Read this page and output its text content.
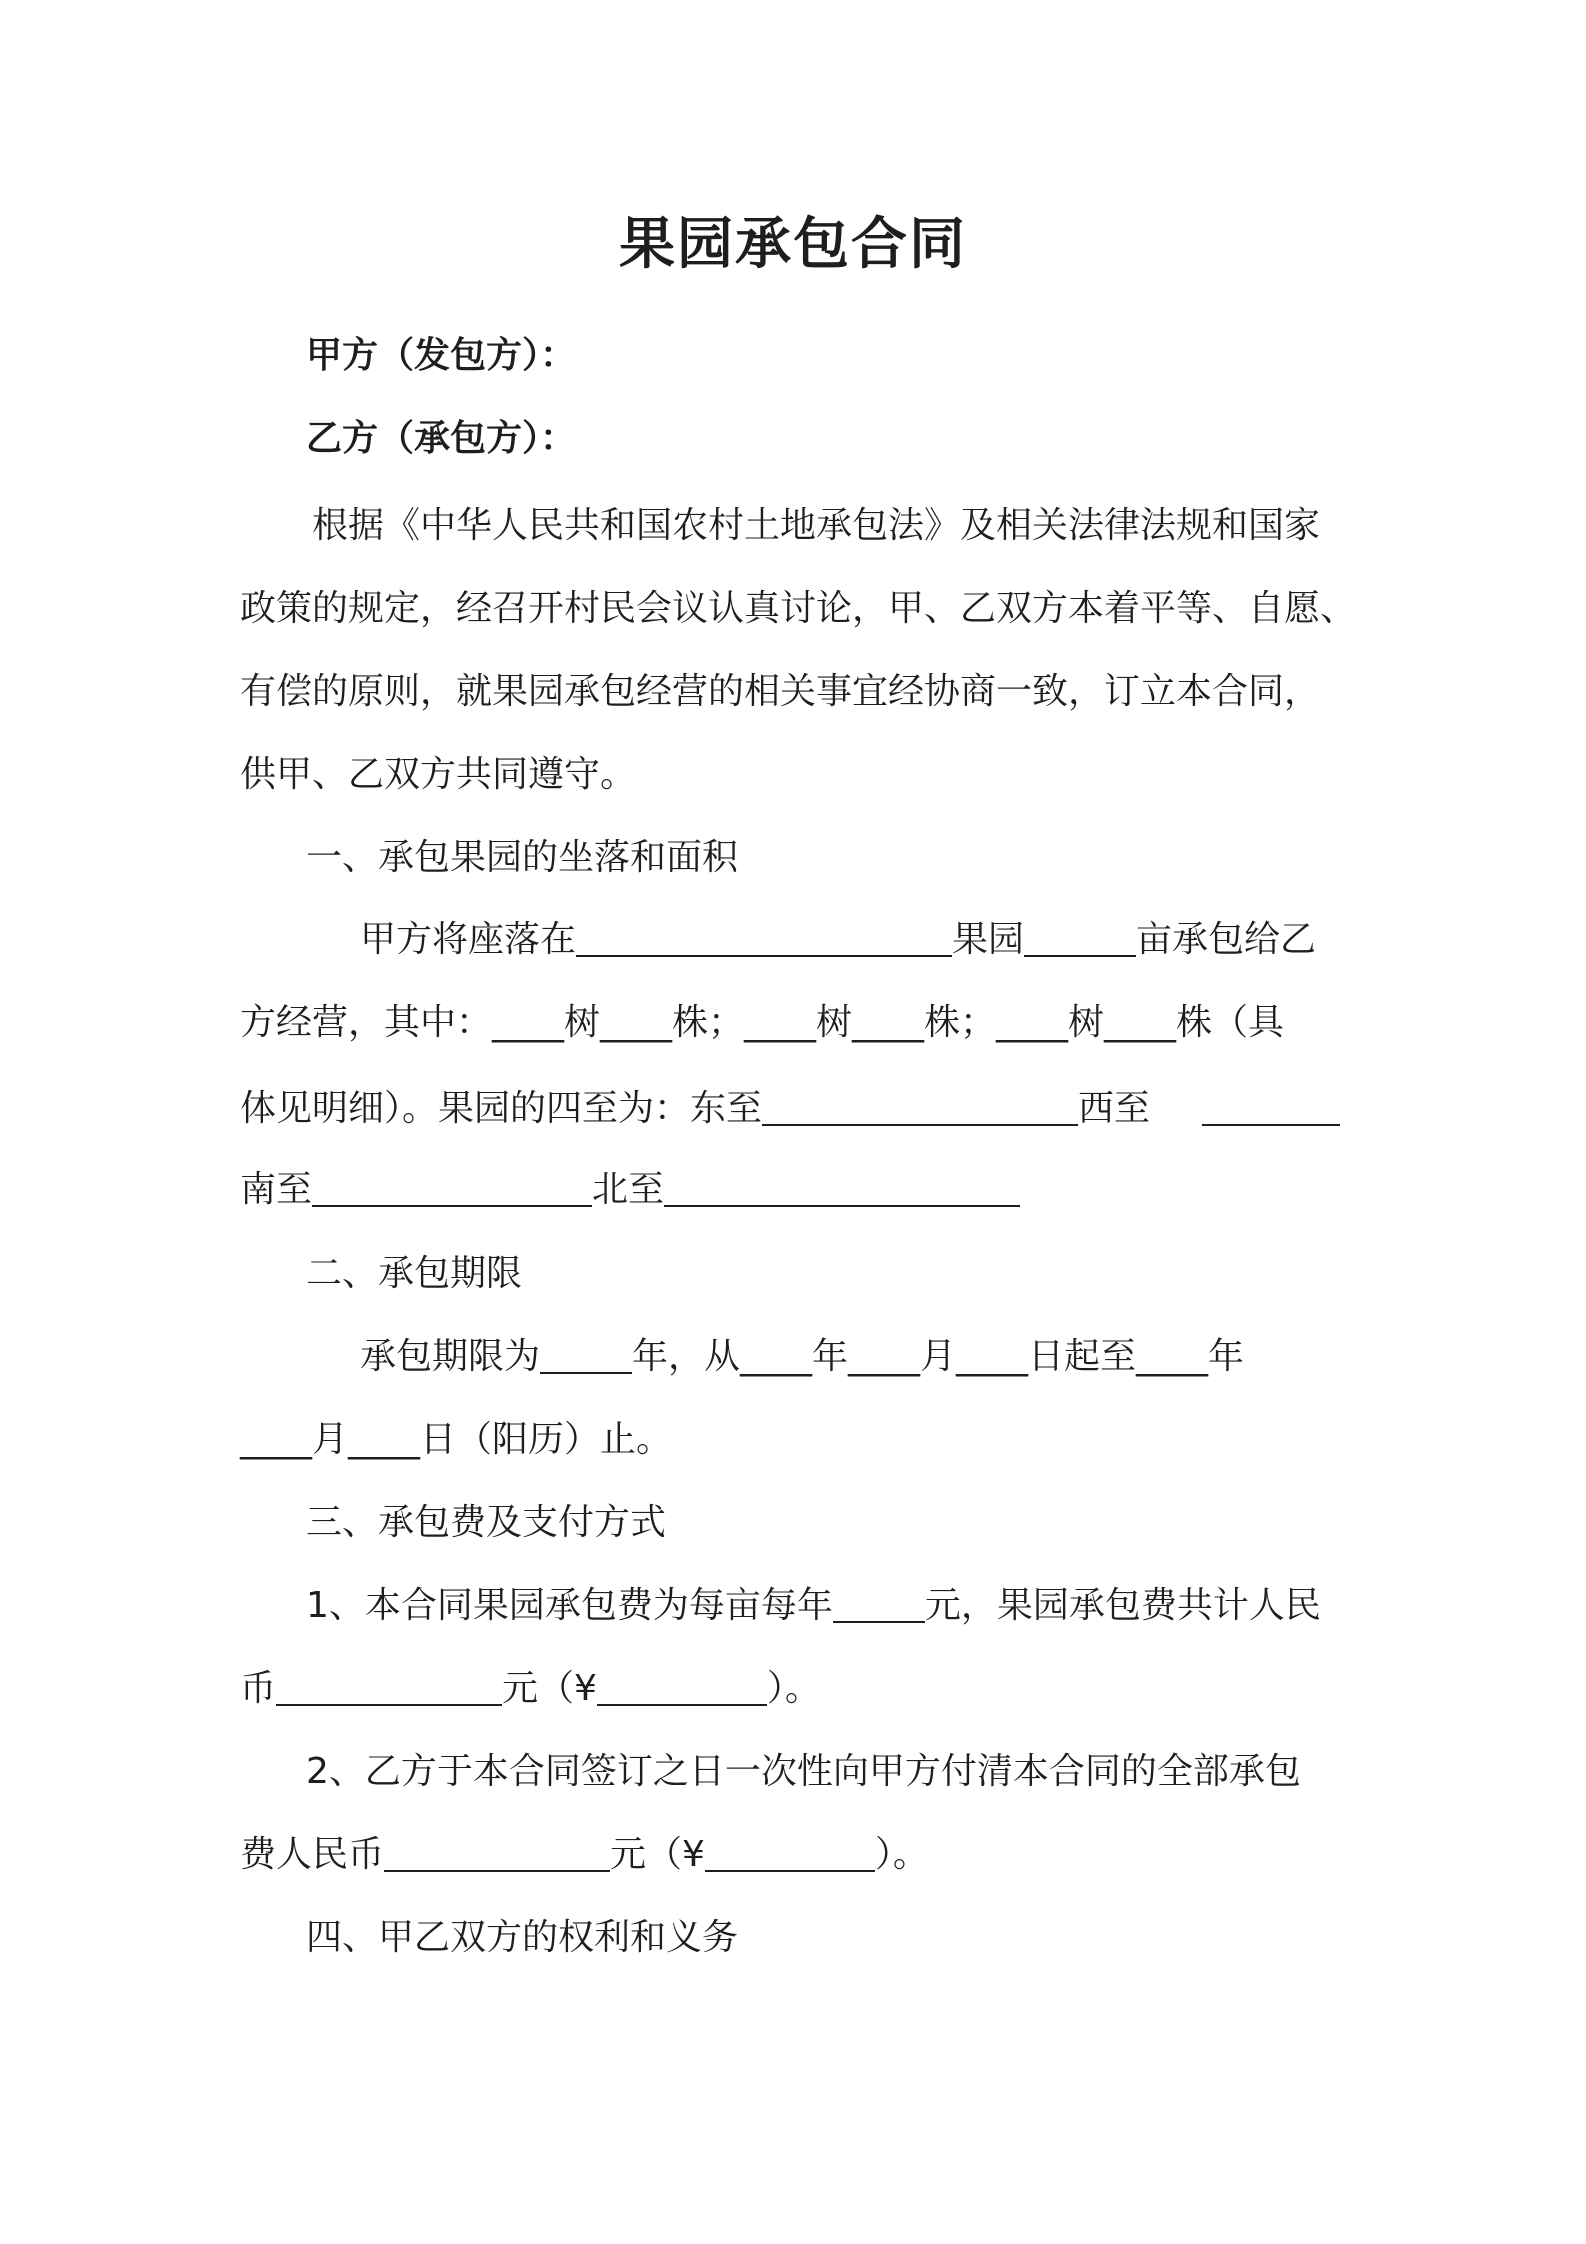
果园承包合同
甲方（发包方）：
乙方（承包方）：
根据《中华人民共和国农村土地承包法》及相关法律法规和国家
政策的规定，经召开村民会议认真讨论，甲、乙双方本着平等、自愿、
有偿的原则，就果园承包经营的相关事宜经协商一致，订立本合同，
供甲、乙双方共同遵守。
一、承包果园的坐落和面积
甲方将座落在	果园	亩承包给乙
方经营，其中：____树____株；____树____株；____树____株（具
体见明细）。果园的四至为：东至	西至
南至	北至
二、承包期限
承包期限为	年，从____年____月____日起至____年
____月____日（阳历）止。
三、承包费及支付方式
1、本合同果园承包费为每亩每年	元，果园承包费共计人民
币	元（¥	）。
2、乙方于本合同签订之日一次性向甲方付清本合同的全部承包
费人民币	元（¥	）。
四、甲乙双方的权利和义务
